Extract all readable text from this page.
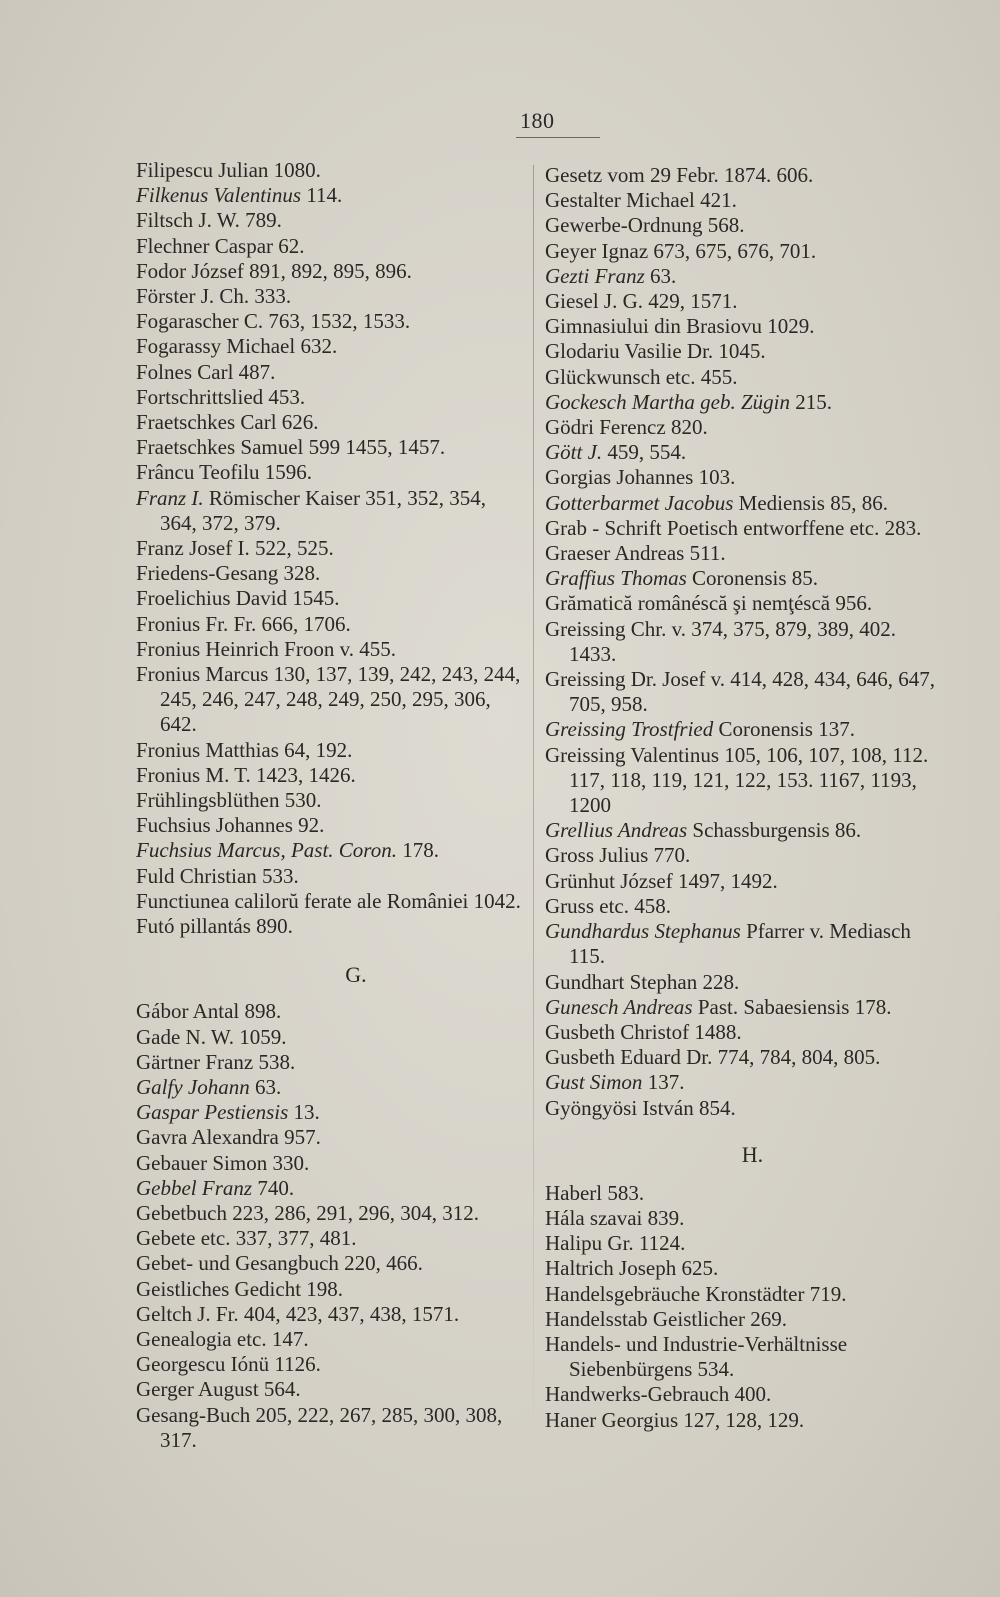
180
Filipescu Julian 1080.
Filkenus Valentinus 114.
Filtsch J. W. 789.
Flechner Caspar 62.
Fodor József 891, 892, 895, 896.
Förster J. Ch. 333.
Fogarascher C. 763, 1532, 1533.
Fogarassy Michael 632.
Folnes Carl 487.
Fortschrittslied 453.
Fraetschkes Carl 626.
Fraetschkes Samuel 599 1455, 1457.
Frâncu Teofilu 1596.
Franz I. Römischer Kaiser 351, 352, 354, 364, 372, 379.
Franz Josef I. 522, 525.
Friedens-Gesang 328.
Froelichius David 1545.
Fronius Fr. Fr. 666, 1706.
Fronius Heinrich Froon v. 455.
Fronius Marcus 130, 137, 139, 242, 243, 244, 245, 246, 247, 248, 249, 250, 295, 306, 642.
Fronius Matthias 64, 192.
Fronius M. T. 1423, 1426.
Frühlingsblüthen 530.
Fuchsius Johannes 92.
Fuchsius Marcus, Past. Coron. 178.
Fuld Christian 533.
Functiunea calilorŭ ferate ale României 1042.
Futó pillantás 890.
G.
Gábor Antal 898.
Gade N. W. 1059.
Gärtner Franz 538.
Galfy Johann 63.
Gaspar Pestiensis 13.
Gavra Alexandra 957.
Gebauer Simon 330.
Gebbel Franz 740.
Gebetbuch 223, 286, 291, 296, 304, 312.
Gebete etc. 337, 377, 481.
Gebet- und Gesangbuch 220, 466.
Geistliches Gedicht 198.
Geltch J. Fr. 404, 423, 437, 438, 1571.
Genealogia etc. 147.
Georgescu Iónü 1126.
Gerger August 564.
Gesang-Buch 205, 222, 267, 285, 300, 308, 317.
Gesetz vom 29 Febr. 1874. 606.
Gestalter Michael 421.
Gewerbe-Ordnung 568.
Geyer Ignaz 673, 675, 676, 701.
Gezti Franz 63.
Giesel J. G. 429, 1571.
Gimnasiului din Brasiovu 1029.
Glodariu Vasilie Dr. 1045.
Glückwunsch etc. 455.
Gockesch Martha geb. Zügin 215.
Gödri Ferencz 820.
Gött J. 459, 554.
Gorgias Johannes 103.
Gotterbarmet Jacobus Mediensis 85, 86.
Grab - Schrift Poetisch entworffene etc. 283.
Graeser Andreas 511.
Graffius Thomas Coronensis 85.
Grămatică românéscă şi nemţéscă 956.
Greissing Chr. v. 374, 375, 879, 389, 402. 1433.
Greissing Dr. Josef v. 414, 428, 434, 646, 647, 705, 958.
Greissing Trostfried Coronensis 137.
Greissing Valentinus 105, 106, 107, 108, 112. 117, 118, 119, 121, 122, 153. 1167, 1193, 1200
Grellius Andreas Schassburgensis 86.
Gross Julius 770.
Grünhut József 1497, 1492.
Gruss etc. 458.
Gundhardus Stephanus Pfarrer v. Mediasch 115.
Gundhart Stephan 228.
Gunesch Andreas Past. Sabaesiensis 178.
Gusbeth Christof 1488.
Gusbeth Eduard Dr. 774, 784, 804, 805.
Gust Simon 137.
Gyöngyösi István 854.
H.
Haberl 583.
Hála szavai 839.
Halipu Gr. 1124.
Haltrich Joseph 625.
Handelsgebräuche Kronstädter 719.
Handelsstab Geistlicher 269.
Handels- und Industrie-Verhältnisse Siebenbürgens 534.
Handwerks-Gebrauch 400.
Haner Georgius 127, 128, 129.
